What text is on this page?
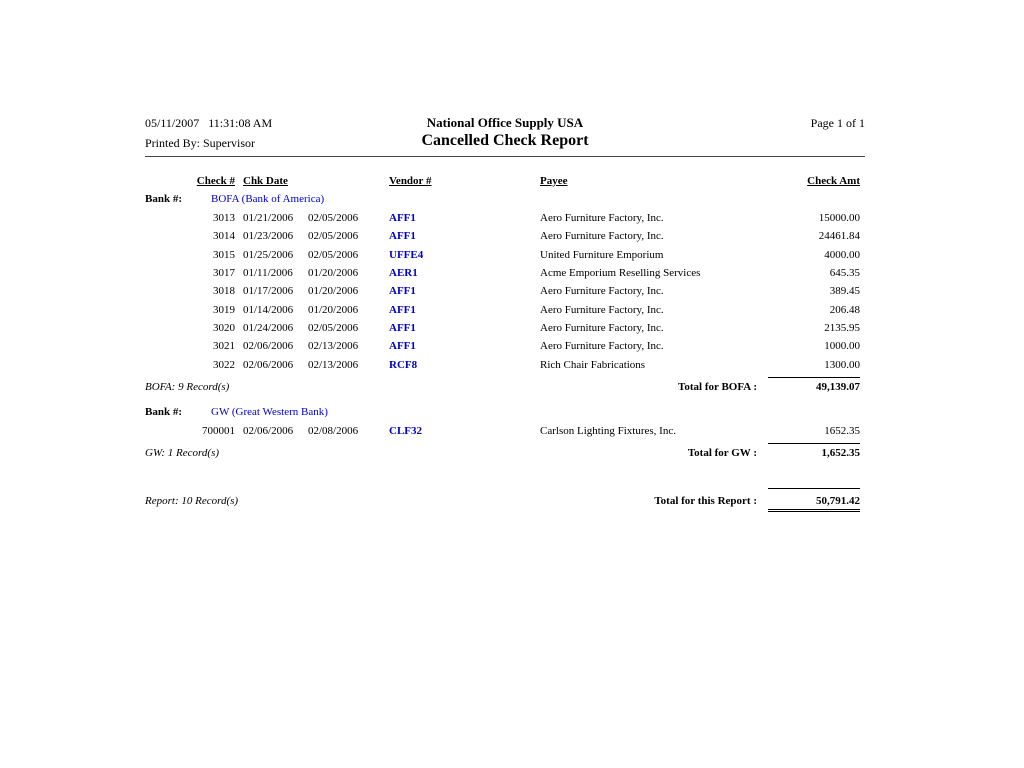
05/11/2007   11:31:08 AM
Printed By: Supervisor
National Office Supply USA
Cancelled Check Report
Page 1 of 1
Check # Chk Date	Vendor #	Payee	Check Amt
Bank #:	BOFA (Bank of America)
3013 01/21/2006	02/05/2006	AFF1	Aero Furniture Factory, Inc.	15000.00
3014 01/23/2006	02/05/2006	AFF1	Aero Furniture Factory, Inc.	24461.84
3015 01/25/2006	02/05/2006	UFFE4	United Furniture Emporium	4000.00
3017 01/11/2006	01/20/2006	AER1	Acme Emporium Reselling Services	645.35
3018 01/17/2006	01/20/2006	AFF1	Aero Furniture Factory, Inc.	389.45
3019 01/14/2006	01/20/2006	AFF1	Aero Furniture Factory, Inc.	206.48
3020 01/24/2006	02/05/2006	AFF1	Aero Furniture Factory, Inc.	2135.95
3021 02/06/2006	02/13/2006	AFF1	Aero Furniture Factory, Inc.	1000.00
3022 02/06/2006	02/13/2006	RCF8	Rich Chair Fabrications	1300.00
BOFA: 9 Record(s)	Total for BOFA :	49,139.07
Bank #:	GW (Great Western Bank)
700001 02/06/2006	02/08/2006	CLF32	Carlson Lighting Fixtures, Inc.	1652.35
GW: 1 Record(s)	Total for GW :	1,652.35
Report: 10 Record(s)	Total for this Report :	50,791.42
